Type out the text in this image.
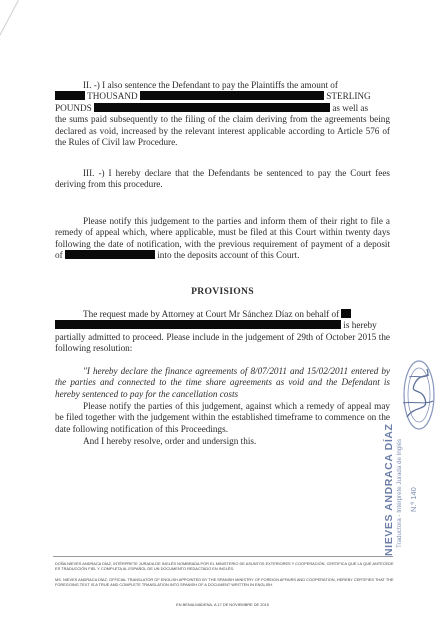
II. -) I also sentence the Defendant to pay the Plaintiffs the amount of

THOUSAND	STERLING

POUNDS	as well as

the sums paid subsequently to the filing of the claim deriving from the agreements being declared as void, increased by the relevant interest applicable according to Article 576 of the Rules of Civil law Procedure.

III. -) I hereby declare that the Defendants be sentenced to pay the Court fees deriving from this procedure.

Please notify this judgement to the parties and inform them of their right to file a remedy of appeal which, where applicable, must be filed at this Court within twenty days following the date of notification, with the previous requirement of payment of a deposit of	into the deposits account of this Court.

PROVISIONS

The request made by Attorney at Court Mr Sánchez Díaz on behalf of

is hereby

partially admitted to proceed. Please include in the judgement of 29th of October 2015 the following resolution:

"I hereby declare the finance agreements of 8/07/2011 and 15/02/2011 entered by the parties and connected to the time share agreements as void and the Defendant is hereby sentenced to pay for the cancellation costs

Please notify the parties of this judgement, against which a remedy of appeal may be filed together with the judgement within the established timeframe to commence on the date following notification of this Proceedings.

And I hereby resolve, order and undersign this.	NIEVES ANDRACA DÍAZ Traductora - Intérprete Jurada de Inglés N.º 140
DOÑA NIEVES ANDRACA DÍAZ, INTÉRPRETE JURADA DE INGLÉS NOMBRADA POR EL MINISTERIO DE ASUNTOS EXTERIORES Y COOPERACIÓN, CERTIFICA QUE LA QUE ANTECEDE ES TRADUCCIÓN FIEL Y COMPLETA AL ESPAÑOL DE UN DOCUMENTO REDACTADO EN INGLÉS.
MS. NIEVES ANDRACA DÍAZ, OFFICIAL TRANSLATOR OF ENGLISH APPOINTED BY THE SPANISH MINISTRY OF FOREIGN AFFAIRS AND COOPERATION, HEREBY CERTIFIES THAT THE FOREGOING TEXT IS A TRUE AND COMPLETE TRANSLATION INTO SPANISH OF A DOCUMENT WRITTEN IN ENGLISH.
EN BENALMÁDENA, A 17 DE NOVIEMBRE DE 2015
